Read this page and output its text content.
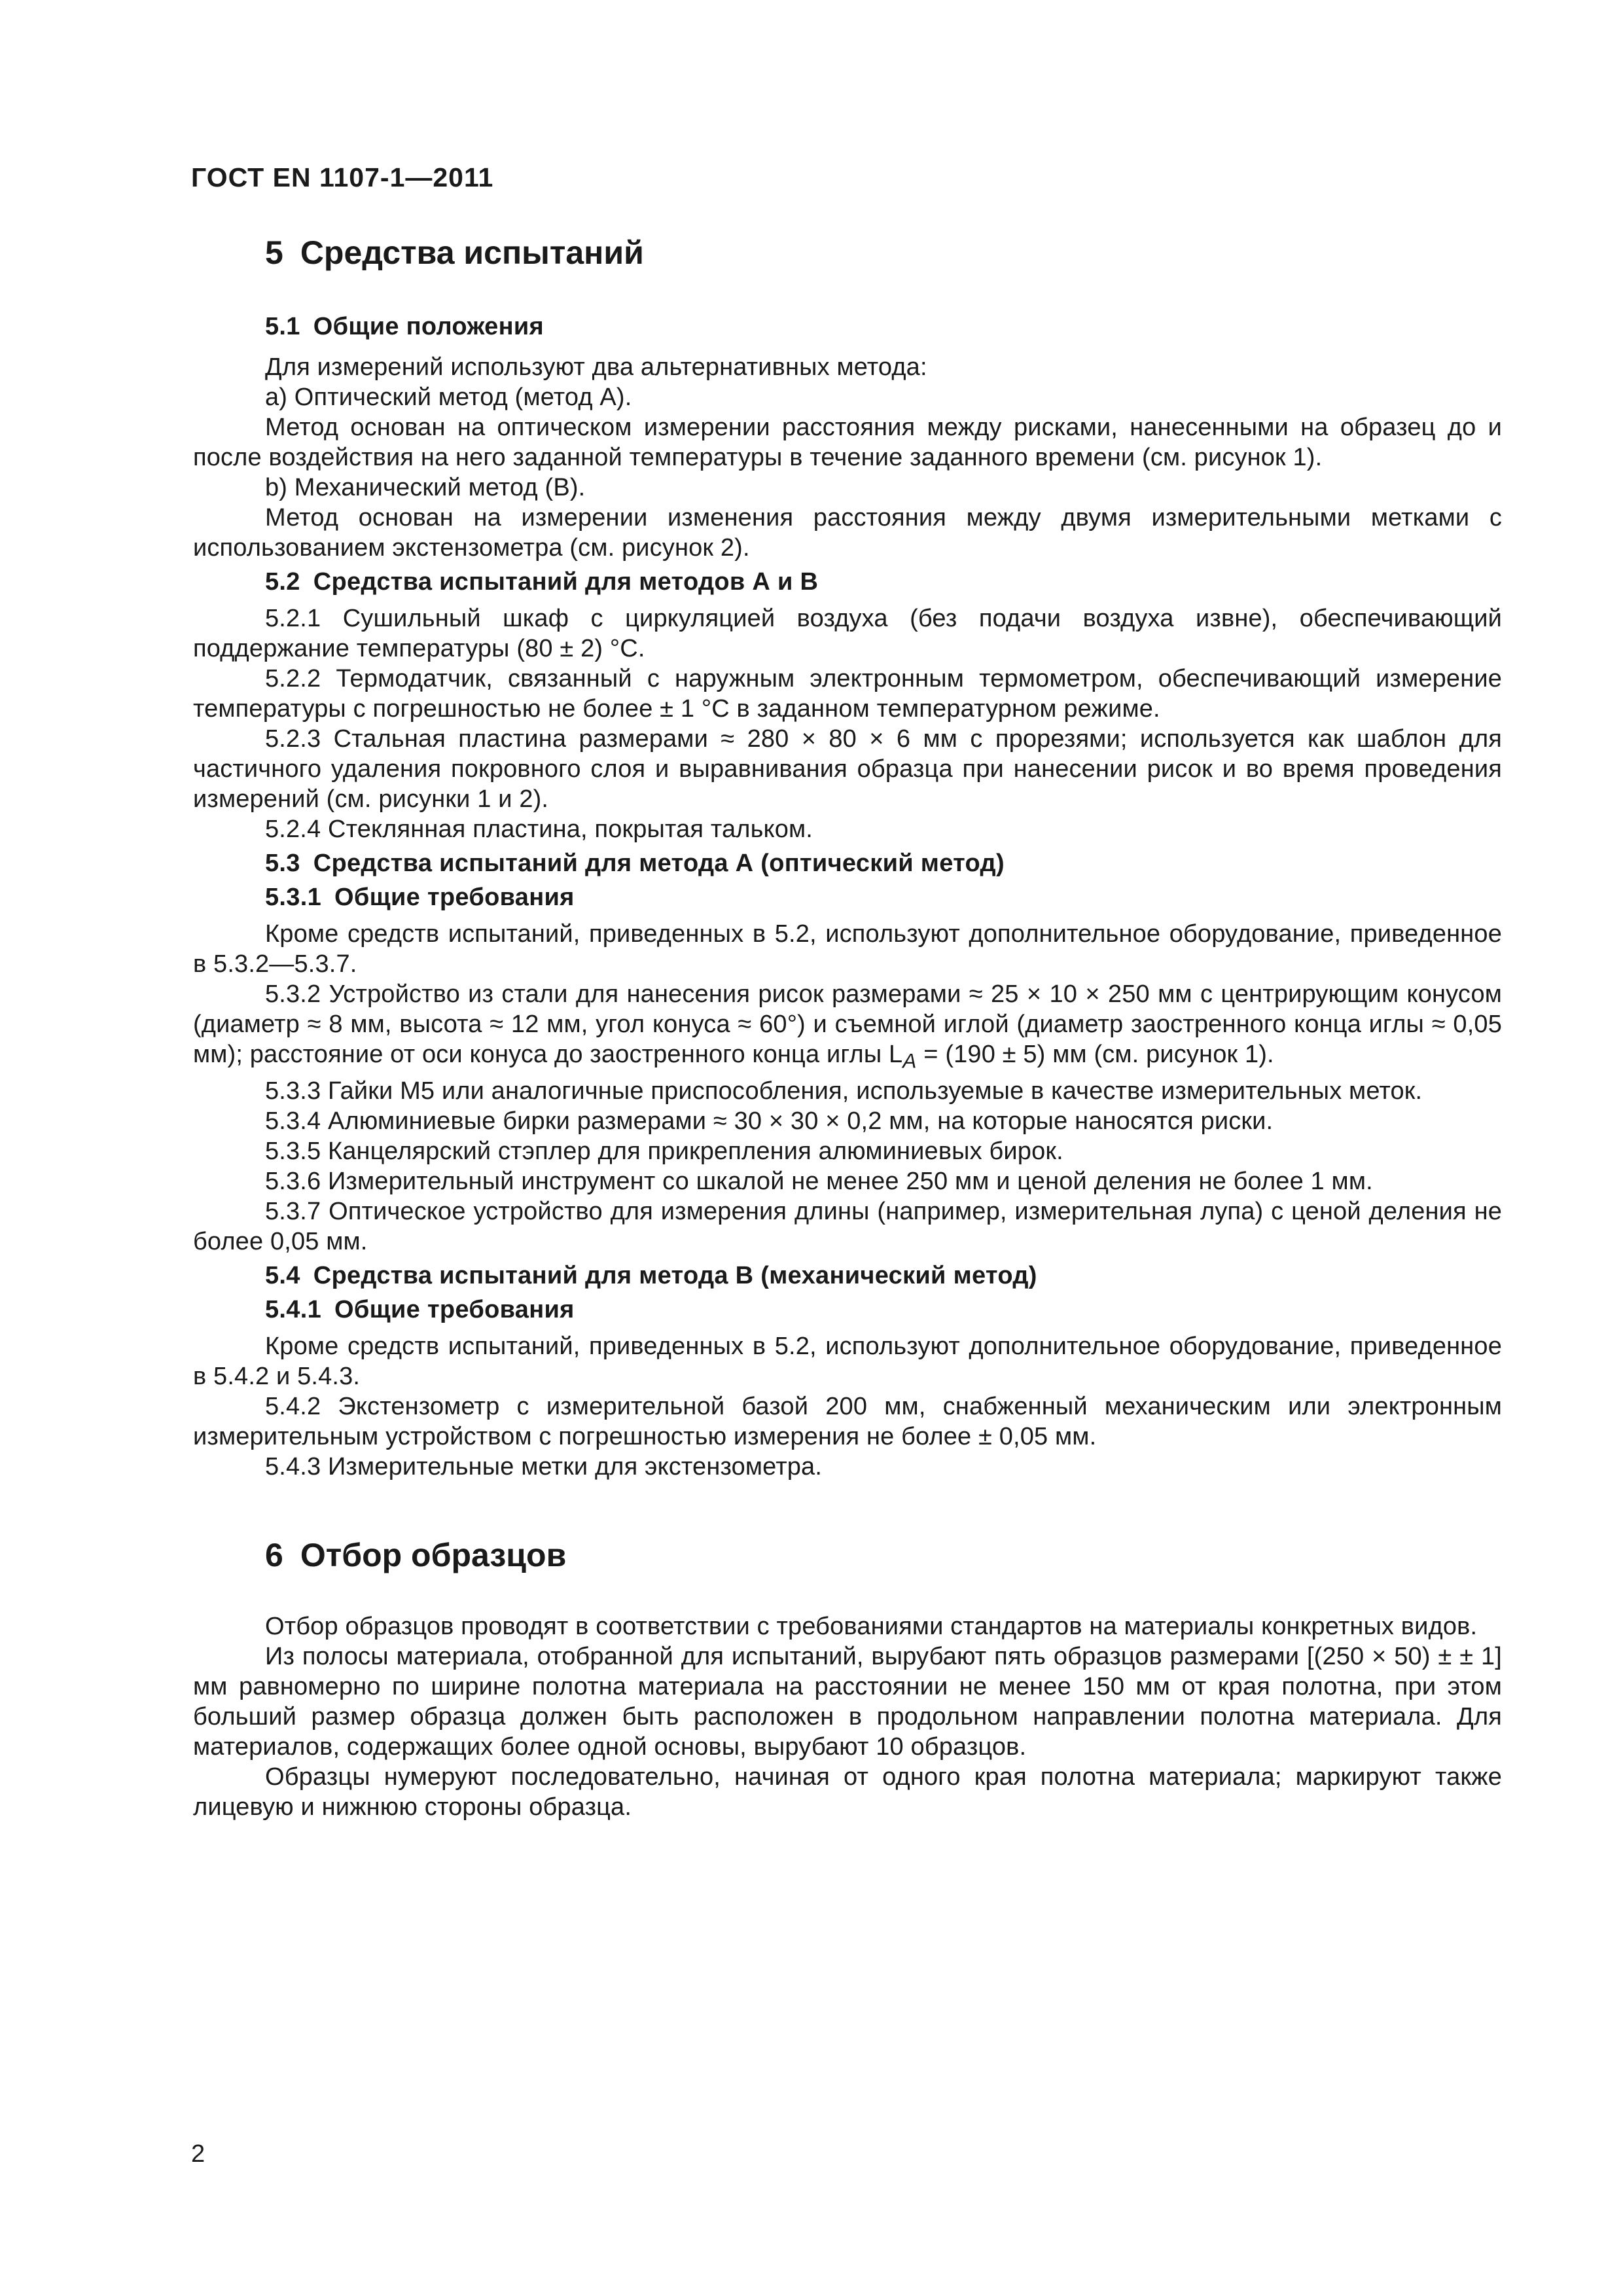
ГОСТ EN 1107-1—2011
5 Средства испытаний
5.1 Общие положения
Для измерений используют два альтернативных метода:
a) Оптический метод (метод А).
Метод основан на оптическом измерении расстояния между рисками, нанесенными на образец до и после воздействия на него заданной температуры в течение заданного времени (см. рисунок 1).
b) Механический метод (В).
Метод основан на измерении изменения расстояния между двумя измерительными метками с использованием экстензометра (см. рисунок 2).
5.2 Средства испытаний для методов А и В
5.2.1 Сушильный шкаф с циркуляцией воздуха (без подачи воздуха извне), обеспечивающий поддержание температуры (80 ± 2) °С.
5.2.2 Термодатчик, связанный с наружным электронным термометром, обеспечивающий измерение температуры с погрешностью не более ± 1 °С в заданном температурном режиме.
5.2.3 Стальная пластина размерами ≈ 280 × 80 × 6 мм с прорезями; используется как шаблон для частичного удаления покровного слоя и выравнивания образца при нанесении рисок и во время проведения измерений (см. рисунки 1 и 2).
5.2.4 Стеклянная пластина, покрытая тальком.
5.3 Средства испытаний для метода А (оптический метод)
5.3.1 Общие требования
Кроме средств испытаний, приведенных в 5.2, используют дополнительное оборудование, приведенное в 5.3.2—5.3.7.
5.3.2 Устройство из стали для нанесения рисок размерами ≈ 25 × 10 × 250 мм с центрирующим конусом (диаметр ≈ 8 мм, высота ≈ 12 мм, угол конуса ≈ 60°) и съемной иглой (диаметр заостренного конца иглы ≈ 0,05 мм); расстояние от оси конуса до заостренного конца иглы $L_A = (190 \pm 5)$ мм (см. рисунок 1).
5.3.3 Гайки М5 или аналогичные приспособления, используемые в качестве измерительных меток.
5.3.4 Алюминиевые бирки размерами ≈ 30 × 30 × 0,2 мм, на которые наносятся риски.
5.3.5 Канцелярский стэплер для прикрепления алюминиевых бирок.
5.3.6 Измерительный инструмент со шкалой не менее 250 мм и ценой деления не более 1 мм.
5.3.7 Оптическое устройство для измерения длины (например, измерительная лупа) с ценой деления не более 0,05 мм.
5.4 Средства испытаний для метода В (механический метод)
5.4.1 Общие требования
Кроме средств испытаний, приведенных в 5.2, используют дополнительное оборудование, приведенное в 5.4.2 и 5.4.3.
5.4.2 Экстензометр с измерительной базой 200 мм, снабженный механическим или электронным измерительным устройством с погрешностью измерения не более ± 0,05 мм.
5.4.3 Измерительные метки для экстензометра.
6 Отбор образцов
Отбор образцов проводят в соответствии с требованиями стандартов на материалы конкретных видов.
Из полосы материала, отобранной для испытаний, вырубают пять образцов размерами [(250 × 50) ± ± 1] мм равномерно по ширине полотна материала на расстоянии не менее 150 мм от края полотна, при этом больший размер образца должен быть расположен в продольном направлении полотна материала. Для материалов, содержащих более одной основы, вырубают 10 образцов.
Образцы нумеруют последовательно, начиная от одного края полотна материала; маркируют также лицевую и нижнюю стороны образца.
2
